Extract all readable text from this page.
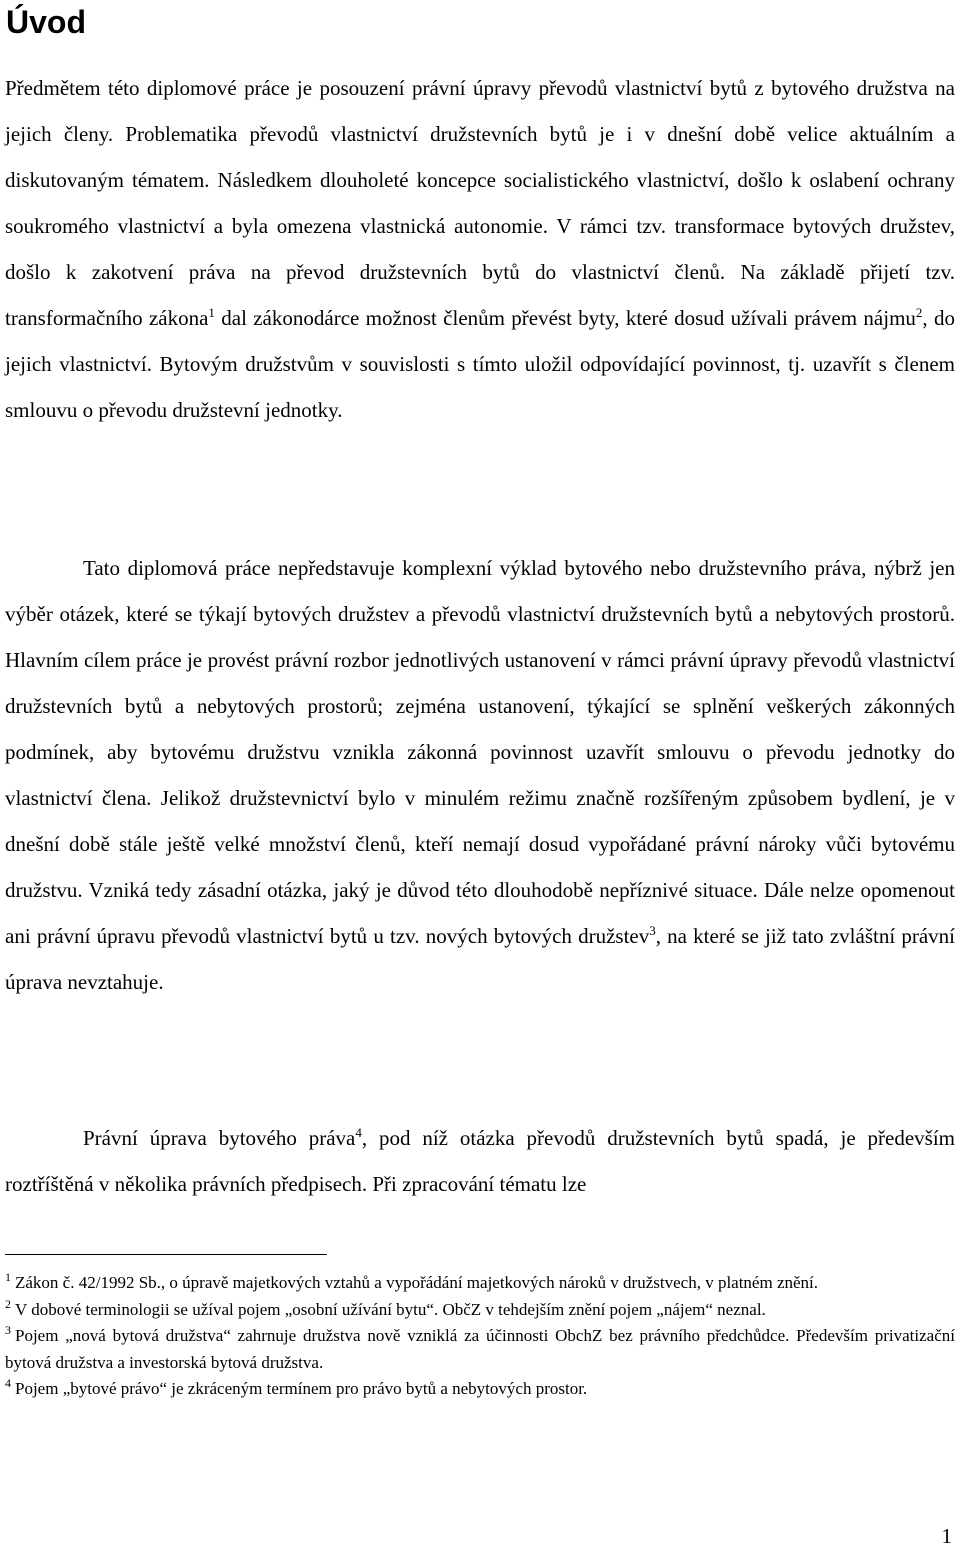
Úvod

Předmětem této diplomové práce je posouzení právní úpravy převodů vlastnictví bytů z bytového družstva na jejich členy. Problematika převodů vlastnictví družstevních bytů je i v dnešní době velice aktuálním a diskutovaným tématem. Následkem dlouholeté koncepce socialistického vlastnictví, došlo k oslabení ochrany soukromého vlastnictví a byla omezena vlastnická autonomie. V rámci tzv. transformace bytových družstev, došlo k zakotvení práva na převod družstevních bytů do vlastnictví členů. Na základě přijetí tzv. transformačního zákona$^1$ dal zákonodárce možnost členům převést byty, které dosud užívali právem nájmu$^2$, do jejich vlastnictví. Bytovým družstvům v souvislosti s tímto uložil odpovídající povinnost, tj. uzavřít s členem smlouvu o převodu družstevní jednotky.

Tato diplomová práce nepředstavuje komplexní výklad bytového nebo družstevního práva, nýbrž jen výběr otázek, které se týkají bytových družstev a převodů vlastnictví družstevních bytů a nebytových prostorů. Hlavním cílem práce je provést právní rozbor jednotlivých ustanovení v rámci právní úpravy převodů vlastnictví družstevních bytů a nebytových prostorů; zejména ustanovení, týkající se splnění veškerých zákonných podmínek, aby bytovému družstvu vznikla zákonná povinnost uzavřít smlouvu o převodu jednotky do vlastnictví člena. Jelikož družstevnictví bylo v minulém režimu značně rozšířeným způsobem bydlení, je v dnešní době stále ještě velké množství členů, kteří nemají dosud vypořádané právní nároky vůči bytovému družstvu. Vzniká tedy zásadní otázka, jaký je důvod této dlouhodobě nepříznivé situace. Dále nelze opomenout ani právní úpravu převodů vlastnictví bytů u tzv. nových bytových družstev$^3$, na které se již tato zvláštní právní úprava nevztahuje.

Právní úprava bytového práva$^4$, pod níž otázka převodů družstevních bytů spadá, je především roztříštěná v několika právních předpisech. Při zpracování tématu lze

$^1$ Zákon č. 42/1992 Sb., o úpravě majetkových vztahů a vypořádání majetkových nároků v družstvech, v platném znění.

$^2$ V dobové terminologii se užíval pojem „osobní užívání bytu“. ObčZ v tehdejším znění pojem „nájem“ neznal.

$^3$ Pojem „nová bytová družstva“ zahrnuje družstva nově vzniklá za účinnosti ObchZ bez právního předchůdce. Především privatizační bytová družstva a investorská bytová družstva.

$^4$ Pojem „bytové právo“ je zkráceným termínem pro právo bytů a nebytových prostor.

1
